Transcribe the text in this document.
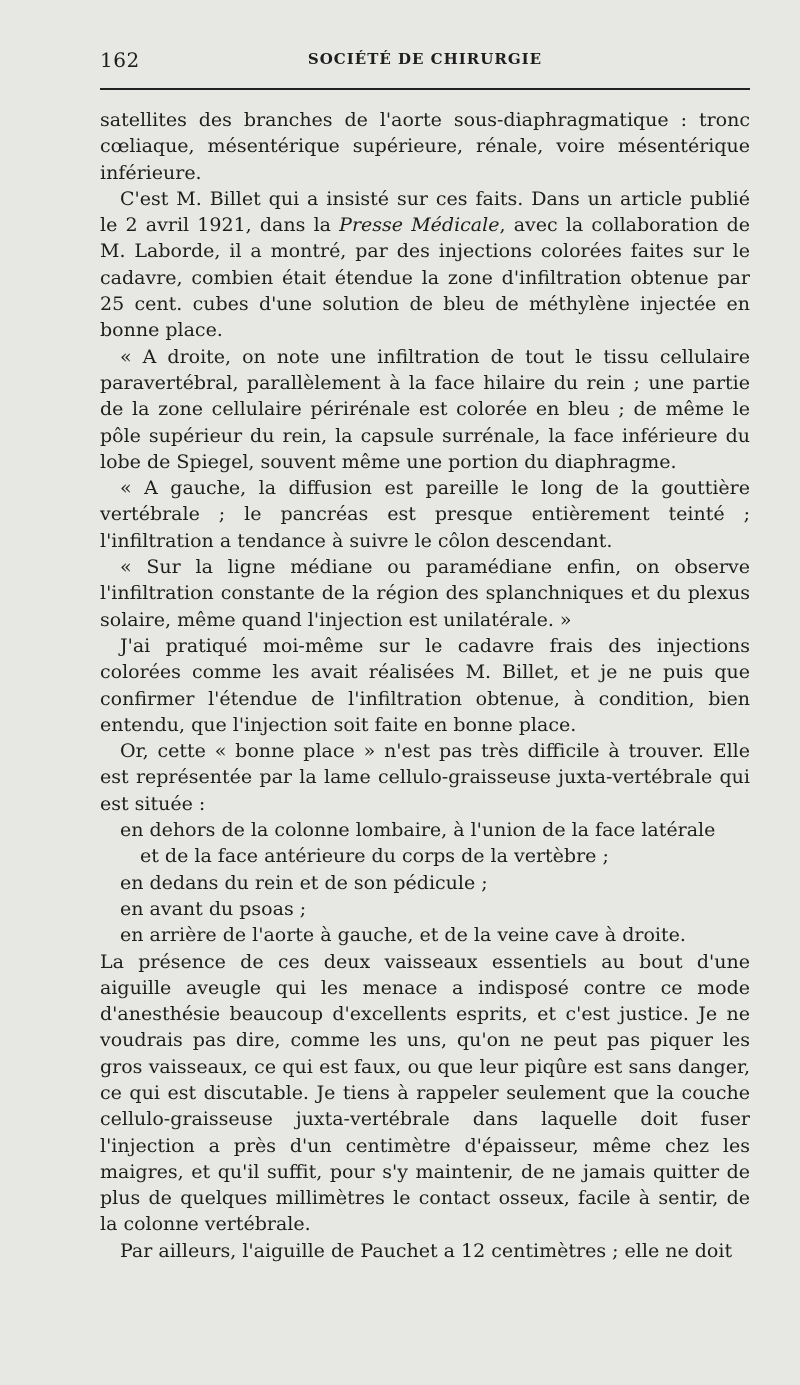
162	SOCIÉTÉ DE CHIRURGIE

satellites des branches de l'aorte sous-diaphragmatique : tronc cœliaque, mésentérique supérieure, rénale, voire mésentérique inférieure.

C'est M. Billet qui a insisté sur ces faits. Dans un article publié le 2 avril 1921, dans la Presse Médicale, avec la collaboration de M. Laborde, il a montré, par des injections colorées faites sur le cadavre, combien était étendue la zone d'infiltration obtenue par 25 cent. cubes d'une solution de bleu de méthylène injectée en bonne place.

« A droite, on note une infiltration de tout le tissu cellulaire paravertébral, parallèlement à la face hilaire du rein ; une partie de la zone cellulaire périrénale est colorée en bleu ; de même le pôle supérieur du rein, la capsule surrénale, la face inférieure du lobe de Spiegel, souvent même une portion du diaphragme.

« A gauche, la diffusion est pareille le long de la gouttière vertébrale ; le pancréas est presque entièrement teinté ; l'infiltration a tendance à suivre le côlon descendant.

« Sur la ligne médiane ou paramédiane enfin, on observe l'infiltration constante de la région des splanchniques et du plexus solaire, même quand l'injection est unilatérale. »

J'ai pratiqué moi-même sur le cadavre frais des injections colorées comme les avait réalisées M. Billet, et je ne puis que confirmer l'étendue de l'infiltration obtenue, à condition, bien entendu, que l'injection soit faite en bonne place.

Or, cette « bonne place » n'est pas très difficile à trouver. Elle est représentée par la lame cellulo-graisseuse juxta-vertébrale qui est située :

en dehors de la colonne lombaire, à l'union de la face latérale
et de la face antérieure du corps de la vertèbre ;

en dedans du rein et de son pédicule ;

en avant du psoas ;

en arrière de l'aorte à gauche, et de la veine cave à droite.

La présence de ces deux vaisseaux essentiels au bout d'une aiguille aveugle qui les menace a indisposé contre ce mode d'anesthésie beaucoup d'excellents esprits, et c'est justice. Je ne voudrais pas dire, comme les uns, qu'on ne peut pas piquer les gros vaisseaux, ce qui est faux, ou que leur piqûre est sans danger, ce qui est discutable. Je tiens à rappeler seulement que la couche cellulo-graisseuse juxta-vertébrale dans laquelle doit fuser l'injection a près d'un centimètre d'épaisseur, même chez les maigres, et qu'il suffit, pour s'y maintenir, de ne jamais quitter de plus de quelques millimètres le contact osseux, facile à sentir, de la colonne vertébrale.

Par ailleurs, l'aiguille de Pauchet a 12 centimètres ; elle ne doit
